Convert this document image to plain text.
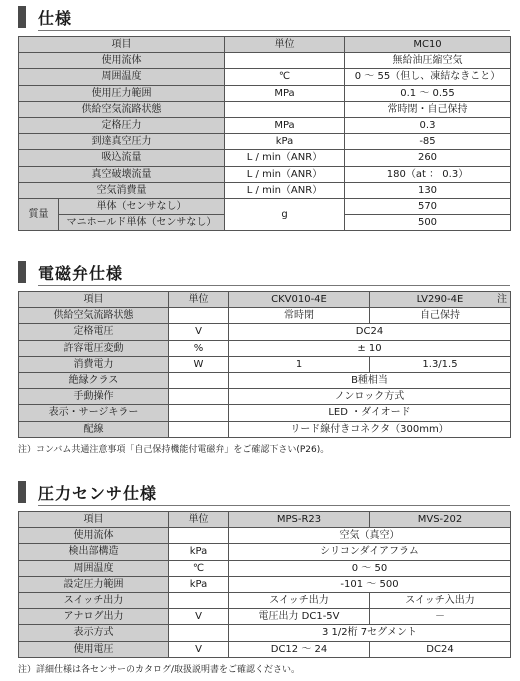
仕様
項目		単位	MC10
使用流体			無給油圧縮空気
周囲温度		℃	0 ～ 55（但し、凍結なきこと）
使用圧力範囲		MPa	0.1 ～ 0.55
供給空気流路状態			常時閉・自己保持
定格圧力		MPa	0.3
到達真空圧力		kPa	-85
吸込流量		L / min（ANR）	260
真空破壊流量		L / min（ANR）	180（at ： 0.3）
空気消費量		L / min（ANR）	130
質量	単体（センサなし）	g	570
	マニホールド単体（センサなし）		500
電磁弁仕様
項目	単位	CKV010-4E	LV290-4E 注

供給空気流路状態		常時閉	自己保持
定格電圧	V	DC24	
許容電圧変動	%	± 10	
消費電力	W	1	1.3/1.5
絶縁クラス		B種相当	
手動操作		ノンロック方式	
表示・サージキラー		LED ・ダイオード	
配線		リード線付きコネクタ（300mm）	
注）コンバム共通注意事項「自己保持機能付電磁弁」をご確認下さい(P26)。
圧力センサ仕様
項目	単位	MPS-R23	MVS-202
使用流体		空気（真空）	
検出部構造	kPa	シリコンダイアフラム	
周囲温度	℃	0 ～ 50	
設定圧力範囲	kPa	-101 ～ 500	
スイッチ出力		スイッチ出力	スイッチ入出力
アナログ出力	V	電圧出力 DC1-5V	－
表示方式		3 1/2桁 7セグメント	
使用電圧	V	DC12 ～ 24	DC24
注）詳細仕様は各センサーのカタログ/取扱説明書をご確認ください。
